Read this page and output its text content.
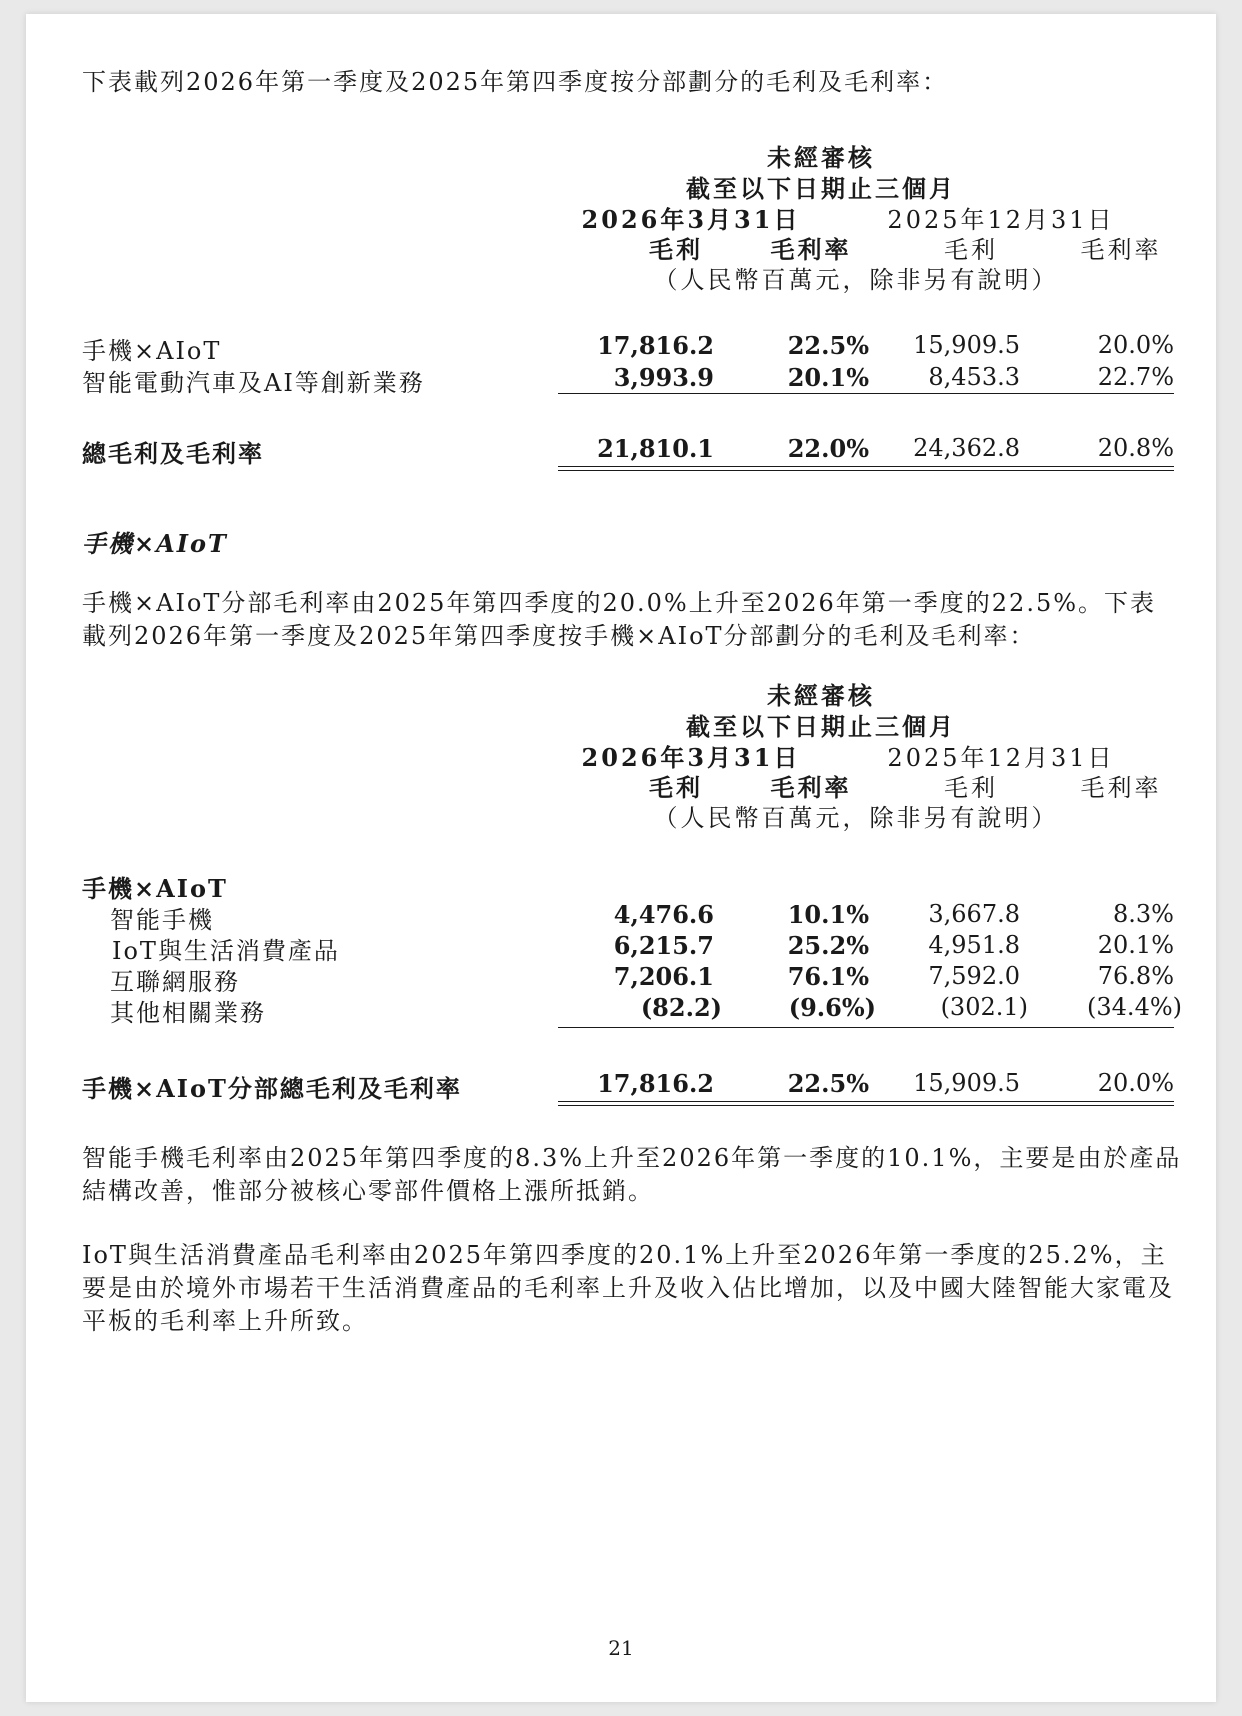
下表載列2026年第一季度及2025年第四季度按分部劃分的毛利及毛利率：
未經審核
截至以下日期止三個月
2026年3月31日	2025年12月31日
毛利	毛利率	毛利	毛利率
（人民幣百萬元，除非另有說明）
手機×AIoT	17,816.2	22.5%	15,909.5	20.0%
智能電動汽車及AI等創新業務	3,993.9	20.1%	8,453.3	22.7%
總毛利及毛利率	21,810.1	22.0%	24,362.8	20.8%
手機×AIoT
手機×AIoT分部毛利率由2025年第四季度的20.0%上升至2026年第一季度的22.5%。下表載列2026年第一季度及2025年第四季度按手機×AIoT分部劃分的毛利及毛利率：
未經審核
截至以下日期止三個月
2026年3月31日	2025年12月31日
毛利	毛利率	毛利	毛利率
（人民幣百萬元，除非另有說明）
手機×AIoT
智能手機	4,476.6	10.1%	3,667.8	8.3%
IoT與生活消費產品	6,215.7	25.2%	4,951.8	20.1%
互聯網服務	7,206.1	76.1%	7,592.0	76.8%
其他相關業務	(82.2)	(9.6%)	(302.1)	(34.4%)
手機×AIoT分部總毛利及毛利率	17,816.2	22.5%	15,909.5	20.0%
智能手機毛利率由2025年第四季度的8.3%上升至2026年第一季度的10.1%，主要是由於產品結構改善，惟部分被核心零部件價格上漲所抵銷。
IoT與生活消費產品毛利率由2025年第四季度的20.1%上升至2026年第一季度的25.2%，主要是由於境外市場若干生活消費產品的毛利率上升及收入佔比增加，以及中國大陸智能大家電及平板的毛利率上升所致。
21
